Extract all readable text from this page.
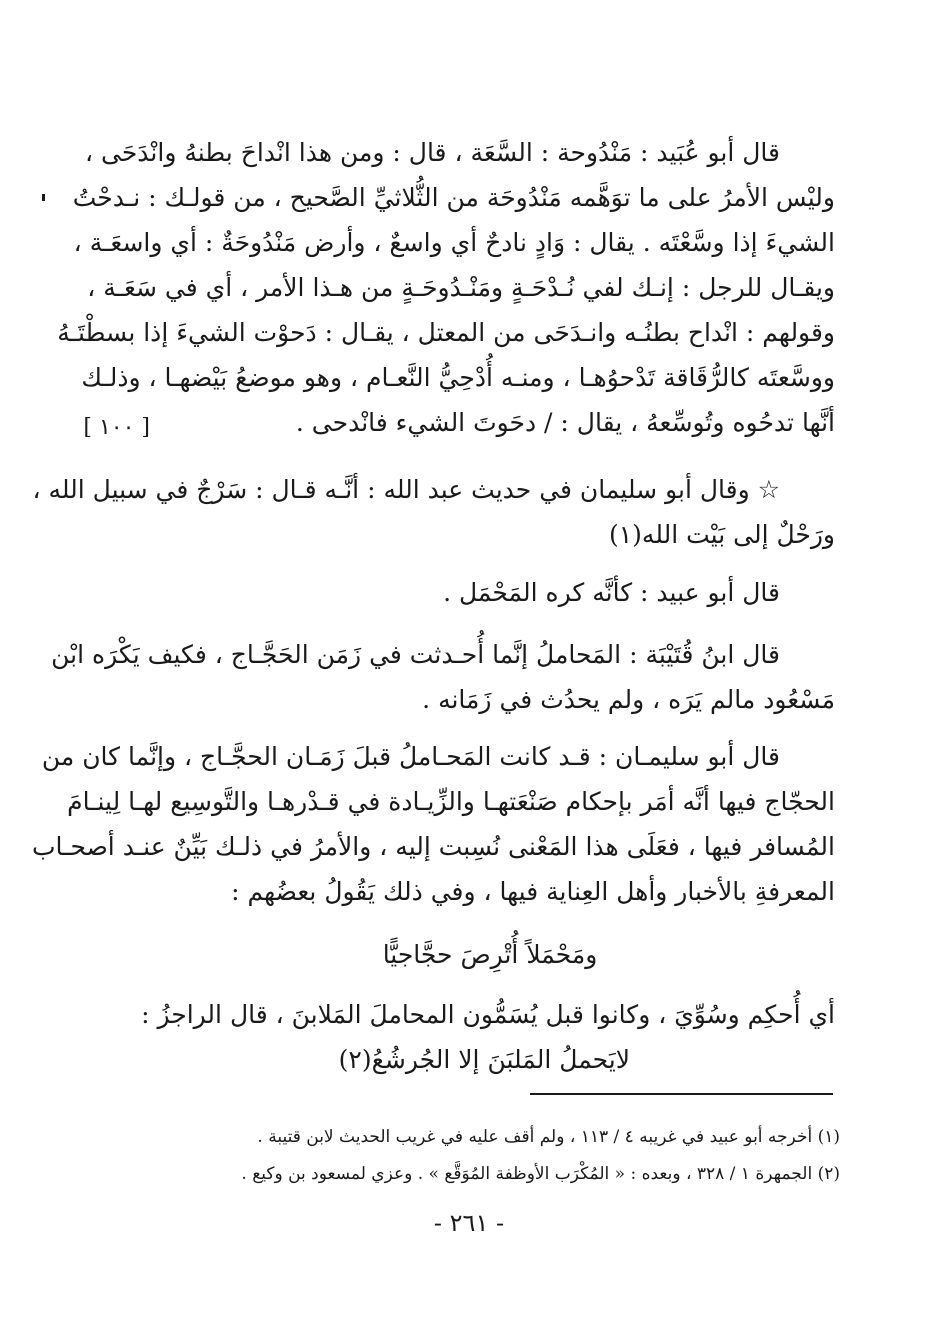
قال أبو عُبَيد : مَنْدُوحة : السَّعَة ، قال : ومن هذا انْداحَ بطنهُ وانْدَحَى ،
وليْس الأمرُ على ما توَهَّمه مَنْدُوحَة من الثُّلاثيِّ الصَّحيح ، من قولـك : نـدحْتُ
الشيءَ إذا وسَّعْتَه . يقال : وَادٍ نادحٌ أي واسعٌ ، وأرض مَنْدُوحَةٌ : أي واسعَـة ،
ويقـال للرجل : إنـك لفي نُـدْحَـةٍ ومَنْـدُوحَـةٍ من هـذا الأمر ، أي في سَعَـة ،
وقولهم : انْداح بطنُـه وانـدَحَى من المعتل ، يقـال : دَحوْت الشيءَ إذا بسطْتَـهُ
ووسَّعتَه كالرُّقَاقة تَدْحوُهـا ، ومنـه أُدْحِيُّ النَّعـام ، وهو موضعُ بَيْضهـا ، وذلـك
أنَّها تدحُوه وتُوسِّعهُ ، يقال : / دحَوتَ الشيء فانْدحى .
[ ١٠٠ ]
☆ وقال أبو سليمان في حديث عبد الله : أنَّـه قـال : سَرْجٌ في سبيل الله ،
ورَحْلٌ إلى بَيْت الله(١)
قال أبو عبيد : كأنَّه كره المَحْمَل .
قال ابنُ قُتَيْبَة : المَحاملُ إنَّما أُحـدثت في زَمَن الحَجَّـاج ، فكيف يَكْرَه ابْن
مَسْعُود مالم يَرَه ، ولم يحدُث في زَمَانه .
قال أبو سليمـان : قـد كانت المَحـاملُ قبلَ زَمَـان الحجَّـاج ، وإنَّما كان من
الحجّاج فيها أنَّه أمَر بإحكام صَنْعَتهـا والزِّيـادة في قـدْرهـا والتَّوسِيع لهـا لِينـامَ
المُسافر فيها ، فعَلَى هذا المَعْنى نُسِبت إليه ، والأمرُ في ذلـك بَيِّنٌ عنـد أصحـاب
المعرفةِ بالأخبار وأهل العِناية فيها ، وفي ذلك يَقُولُ بعضُهم :
ومَحْمَلاً أُتْرِصَ حجَّاجيًّا
أي أُحكِم وسُوِّيَ ، وكانوا قبل يُسَمُّون المحاملَ المَلابنَ ، قال الراجزُ :
لايَحملُ المَلبَنَ إلا الجُرشُعُ(٢)
(١) أخرجه أبو عبيد في غريبه ٤ / ١١٣ ، ولم أقف عليه في غريب الحديث لابن قتيبة .
(٢) الجمهرة ١ / ٣٢٨ ، وبعده : « المُكْرَب الأوظفة المُوَقَّع » . وعزي لمسعود بن وكيع .
- ٢٦١ -
